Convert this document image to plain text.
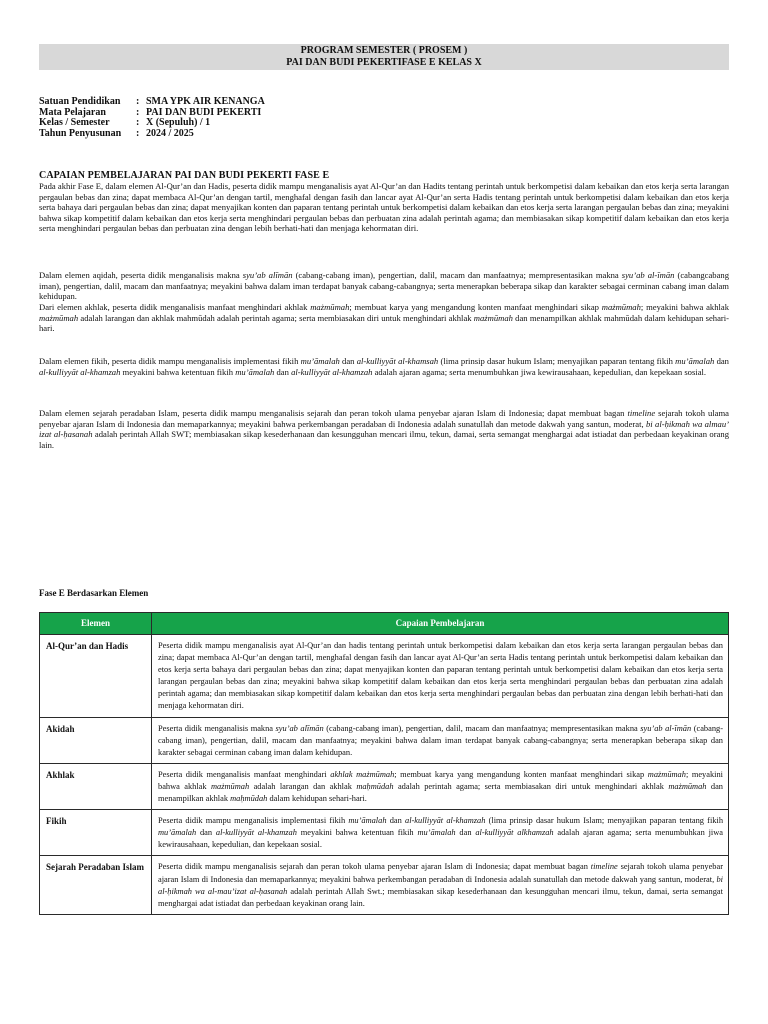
PROGRAM SEMESTER ( PROSEM )
PAI DAN BUDI PEKERTIFASE E KELAS X
Satuan Pendidikan	: SMA YPK AIR KENANGA
Mata Pelajaran	: PAI DAN BUDI PEKERTI
Kelas / Semester	: X (Sepuluh) / 1
Tahun Penyusunan	: 2024 / 2025
CAPAIAN PEMBELAJARAN PAI DAN BUDI PEKERTI FASE E
Pada akhir Fase E, dalam elemen Al-Qur’an dan Hadis, peserta didik mampu menganalisis ayat Al-Qur’an dan Hadits tentang perintah untuk berkompetisi dalam kebaikan dan etos kerja serta larangan pergaulan bebas dan zina; dapat membaca Al-Qur’an dengan tartil, menghafal dengan fasih dan lancar ayat Al-Qur’an serta Hadis tentang perintah untuk berkompetisi dalam kebaikan dan etos kerja serta bahaya dari pergaulan bebas dan zina; dapat menyajikan konten dan paparan tentang perintah untuk berkompetisi dalam kebaikan dan etos kerja serta larangan pergaulan bebas dan zina; meyakini bahwa sikap kompetitif dalam kebaikan dan etos kerja serta menghindari pergaulan bebas dan perbuatan zina adalah perintah agama; dan membiasakan sikap kompetitif dalam kebaikan dan etos kerja serta menghindari pergaulan bebas dan perbuatan zina dengan lebih berhati-hati dan menjaga kehormatan diri.
Dalam elemen aqidah, peserta didik menganalisis makna syu’ab alīmān (cabang-cabang iman), pengertian, dalil, macam dan manfaatnya; mempresentasikan makna syu’ab al-īmān (cabangcabang iman), pengertian, dalil, macam dan manfaatnya; meyakini bahwa dalam iman terdapat banyak cabang-cabangnya; serta menerapkan beberapa sikap dan karakter sebagai cerminan cabang iman dalam kehidupan.
Dari elemen akhlak, peserta didik menganalisis manfaat menghindari akhlak mażmūmah; membuat karya yang mengandung konten manfaat menghindari sikap mażmūmah; meyakini bahwa akhlak mażmūmah adalah larangan dan akhlak mahmūdah adalah perintah agama; serta membiasakan diri untuk menghindari akhlak mażmūmah dan menampilkan akhlak mahmūdah dalam kehidupan sehari-hari.
Dalam elemen fikih, peserta didik mampu menganalisis implementasi fikih mu’āmalah dan al-kulliyyāt al-khamsah (lima prinsip dasar hukum Islam; menyajikan paparan tentang fikih mu’āmalah dan al-kulliyyāt al-khamzah meyakini bahwa ketentuan fikih mu’āmalah dan al-kulliyyāt al-khamzah adalah ajaran agama; serta menumbuhkan jiwa kewirausahaan, kepedulian, dan kepekaan sosial.
Dalam elemen sejarah peradaban Islam, peserta didik mampu menganalisis sejarah dan peran tokoh ulama penyebar ajaran Islam di Indonesia; dapat membuat bagan timeline sejarah tokoh ulama penyebar ajaran Islam di Indonesia dan memaparkannya; meyakini bahwa perkembangan peradaban di Indonesia adalah sunatullah dan metode dakwah yang santun, moderat, bi al-ḥikmah wa almau’ izat al-ḥasanah adalah perintah Allah SWT; membiasakan sikap kesederhanaan dan kesungguhan mencari ilmu, tekun, damai, serta semangat menghargai adat istiadat dan perbedaan keyakinan orang lain.
Fase E Berdasarkan Elemen
Elemen	Capaian Pembelajaran
Al-Qur’an dan Hadis	Peserta didik mampu menganalisis ayat Al-Qur’an dan hadis tentang perintah untuk berkompetisi dalam kebaikan dan etos kerja serta larangan pergaulan bebas dan zina; dapat membaca Al-Qur’an dengan tartil, menghafal dengan fasih dan lancar ayat Al-Qur’an serta Hadis tentang perintah untuk berkompetisi dalam kebaikan dan etos kerja serta bahaya dari pergaulan bebas dan zina; dapat menyajikan konten dan paparan tentang perintah untuk berkompetisi dalam kebaikan dan etos kerja serta larangan pergaulan bebas dan zina; meyakini bahwa sikap kompetitif dalam kebaikan dan etos kerja serta menghindari pergaulan bebas dan perbuatan zina adalah perintah agama; dan membiasakan sikap kompetitif dalam kebaikan dan etos kerja serta menghindari pergaulan bebas dan perbuatan zina dengan lebih berhati-hati dan menjaga kehormatan diri.
Akidah	Peserta didik menganalisis makna syu’ab alīmān (cabang-cabang iman), pengertian, dalil, macam dan manfaatnya; mempresentasikan makna syu’ab al-īmān (cabang-cabang iman), pengertian, dalil, macam dan manfaatnya; meyakini bahwa dalam iman terdapat banyak cabang-cabangnya; serta menerapkan beberapa sikap dan karakter sebagai cerminan cabang iman dalam kehidupan.
Akhlak	Peserta didik menganalisis manfaat menghindari akhlak mażmūmah; membuat karya yang mengandung konten manfaat menghindari sikap mażmūmah; meyakini bahwa akhlak mażmūmah adalah larangan dan akhlak maḥmūdah adalah perintah agama; serta membiasakan diri untuk menghindari akhlak mażmūmah dan menampilkan akhlak maḥmūdah dalam kehidupan sehari-hari.
Fikih	Peserta didik mampu menganalisis implementasi fikih mu’āmalah dan al-kulliyyāt al-khamzah (lima prinsip dasar hukum Islam; menyajikan paparan tentang fikih mu’āmalah dan al-kulliyyāt al-khamzah meyakini bahwa ketentuan fikih mu’āmalah dan al-kulliyyāt alkhamzah adalah ajaran agama; serta menumbuhkan jiwa kewirausahaan, kepedulian, dan kepekaan sosial.
Sejarah Peradaban Islam	Peserta didik mampu menganalisis sejarah dan peran tokoh ulama penyebar ajaran Islam di Indonesia; dapat membuat bagan timeline sejarah tokoh ulama penyebar ajaran Islam di Indonesia dan memaparkannya; meyakini bahwa perkembangan peradaban di Indonesia adalah sunatullah dan metode dakwah yang santun, moderat, bi al-ḥikmah wa al-mau’izat al-ḥasanah adalah perintah Allah Swt.; membiasakan sikap kesederhanaan dan kesungguhan mencari ilmu, tekun, damai, serta semangat menghargai adat istiadat dan perbedaan keyakinan orang lain.
